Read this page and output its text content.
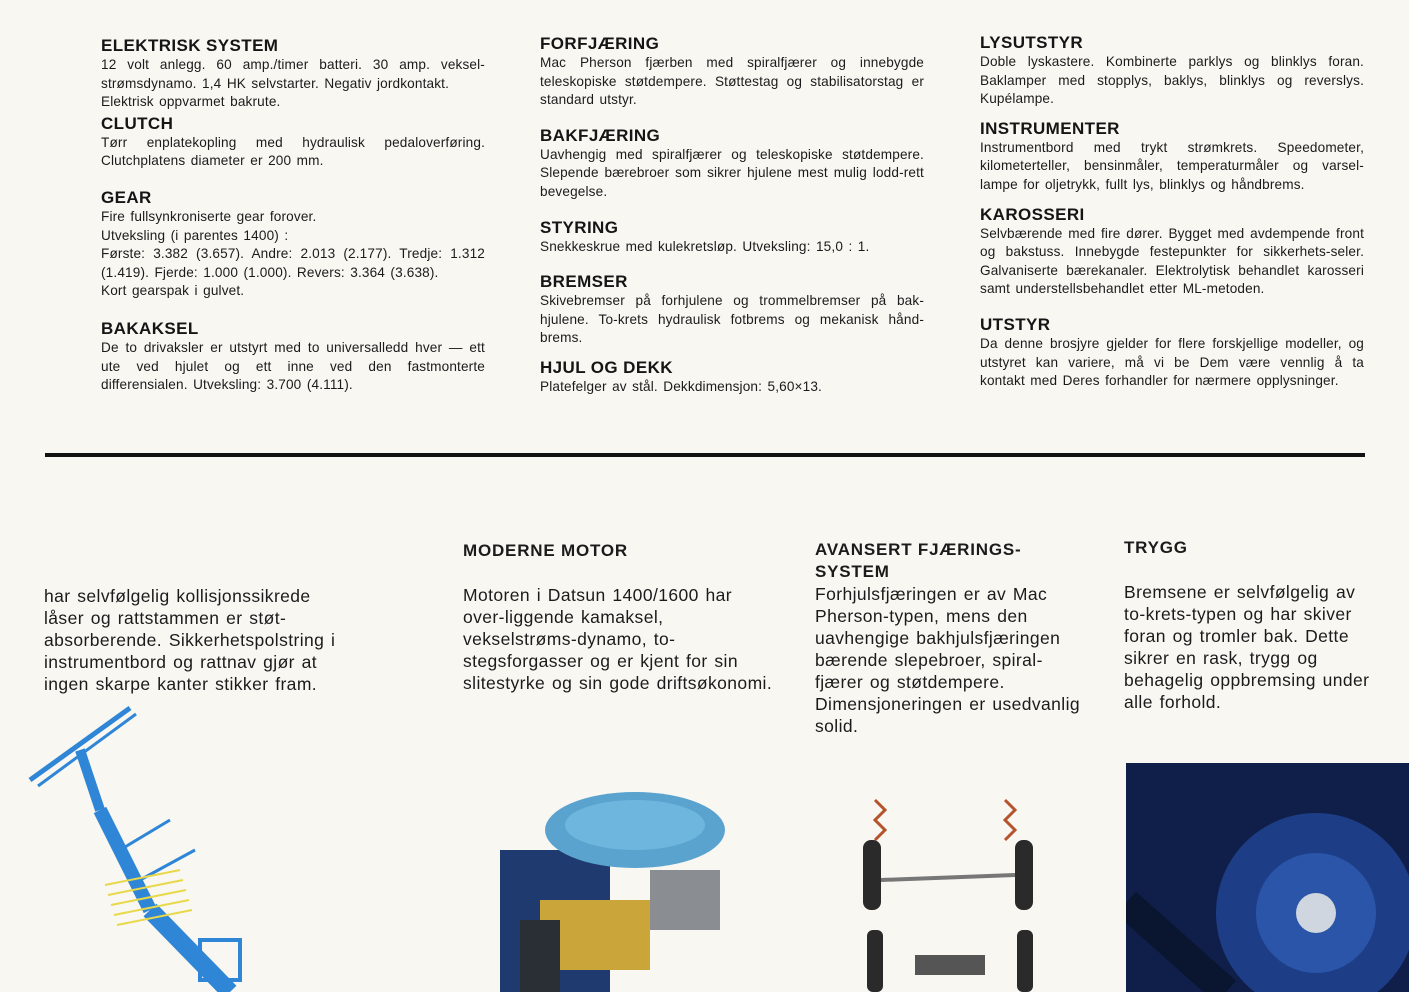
ELEKTRISK SYSTEM

12 volt anlegg. 60 amp./timer batteri. 30 amp. veksel-strømsdynamo. 1,4 HK selvstarter. Negativ jordkontakt.

Elektrisk oppvarmet bakrute.

CLUTCH

Tørr enplatekopling med hydraulisk pedaloverføring. Clutchplatens diameter er 200 mm.

GEAR

Fire fullsynkroniserte gear forover.

Utveksling (i parentes 1400) :

Første: 3.382 (3.657). Andre: 2.013 (2.177). Tredje: 1.312 (1.419). Fjerde: 1.000 (1.000). Revers: 3.364 (3.638).

Kort gearspak i gulvet.

BAKAKSEL

De to drivaksler er utstyrt med to universalledd hver — ett ute ved hjulet og ett inne ved den fastmonterte differensialen. Utveksling: 3.700 (4.111).

FORFJÆRING

Mac Pherson fjærben med spiralfjærer og innebygde teleskopiske støtdempere. Støttestag og stabilisatorstag er standard utstyr.

BAKFJÆRING

Uavhengig med spiralfjærer og teleskopiske støtdempere. Slepende bærebroer som sikrer hjulene mest mulig lodd-rett bevegelse.

STYRING

Snekkeskrue med kulekretsløp. Utveksling: 15,0 : 1.

BREMSER

Skivebremser på forhjulene og trommelbremser på bak-hjulene. To-krets hydraulisk fotbrems og mekanisk hånd-brems.

HJUL OG DEKK

Platefelger av stål. Dekkdimensjon: 5,60×13.

LYSUTSTYR

Doble lyskastere. Kombinerte parklys og blinklys foran. Baklamper med stopplys, baklys, blinklys og reverslys. Kupélampe.

INSTRUMENTER

Instrumentbord med trykt strømkrets. Speedometer, kilometerteller, bensinmåler, temperaturmåler og varsel-lampe for oljetrykk, fullt lys, blinklys og håndbrems.

KAROSSERI

Selvbærende med fire dører. Bygget med avdempende front og bakstuss. Innebygde festepunkter for sikkerhets-seler. Galvaniserte bærekanaler. Elektrolytisk behandlet karosseri samt understellsbehandlet etter ML-metoden.

UTSTYR

Da denne brosjyre gjelder for flere forskjellige modeller, og utstyret kan variere, må vi be Dem være vennlig å ta kontakt med Deres forhandler for nærmere opplysninger.

har selvfølgelig kollisjonssikrede låser og rattstammen er støt-absorberende. Sikkerhetspolstring i instrumentbord og rattnav gjør at ingen skarpe kanter stikker fram.

MODERNE MOTOR

Motoren i Datsun 1400/1600 har over-liggende kamaksel, vekselstrøms-dynamo, to-stegsforgasser og er kjent for sin slitestyrke og sin gode driftsøkonomi.

AVANSERT FJÆRINGS-SYSTEM

Forhjulsfjæringen er av Mac Pherson-typen, mens den uavhengige bakhjulsfjæringen bærende slepebroer, spiral-fjærer og støtdempere. Dimensjoneringen er usedvanlig solid.

TRYGG

Bremsene er selvfølgelig av to-krets-typen og har skiver foran og tromler bak. Dette sikrer en rask, trygg og behagelig oppbremsing under alle forhold.
